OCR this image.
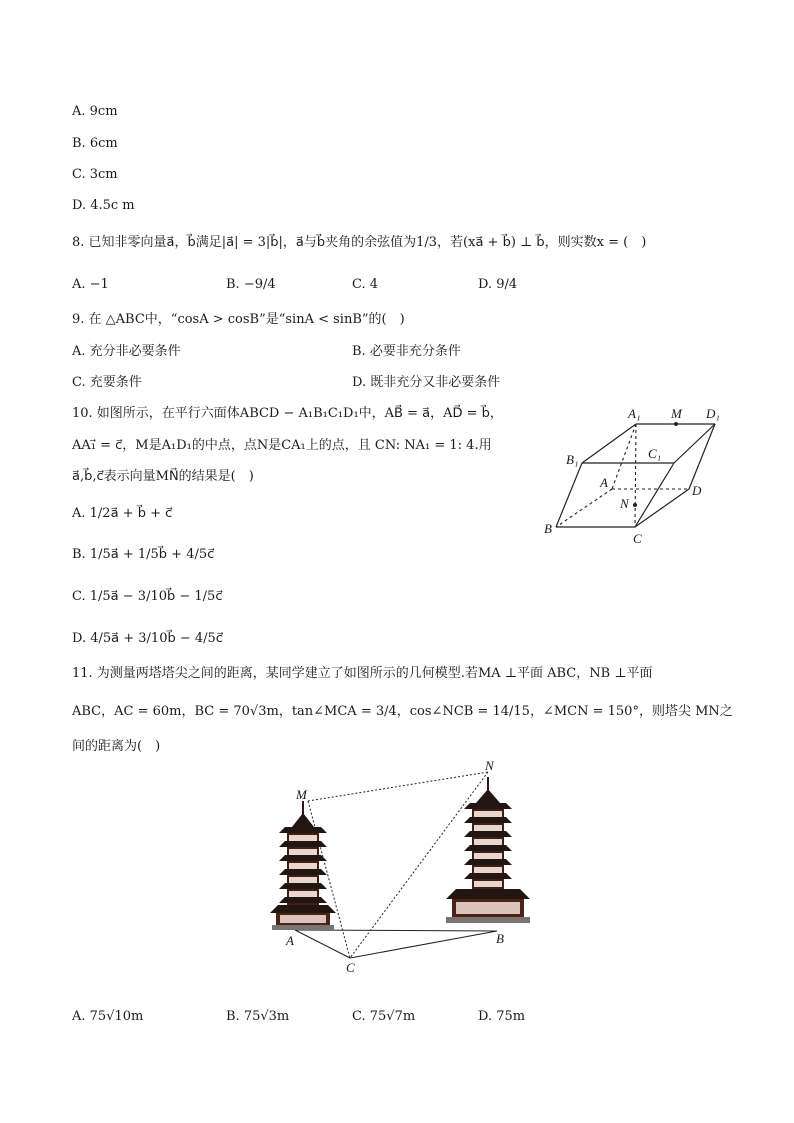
A. 9cm
B. 6cm
C. 3cm
D. 4.5c m
8. 已知非零向量a⃗，b⃗满足|a⃗| = 3|b⃗|，a⃗与b⃗夹角的余弦值为1/3，若(xa⃗ + b⃗) ⊥ b⃗，则实数x = (　)
A. −1	B. −9/4	C. 4	D. 9/4
9. 在 △ABC中，“cosA > cosB”是“sinA < sinB”的(　)
A. 充分非必要条件	B. 必要非充分条件
C. 充要条件	D. 既非充分又非必要条件
10. 如图所示，在平行六面体ABCD − A₁B₁C₁D₁中，AB⃗ = a⃗，AD⃗ = b⃗，
AA₁⃗ = c⃗，M是A₁D₁的中点，点N是CA₁上的点，且 CN: NA₁ = 1: 4.用
a⃗,b⃗,c⃗表示向量MN⃗的结果是(　)
A. 1/2a⃗ + b⃗ + c⃗
B. 1/5a⃗ + 1/5b⃗ + 4/5c⃗
C. 1/5a⃗ − 3/10b⃗ − 1/5c⃗
D. 4/5a⃗ + 3/10b⃗ − 4/5c⃗
A₁ M D₁
B₁	C₁
A
D
N
B
C
11. 为测量两塔塔尖之间的距离，某同学建立了如图所示的几何模型.若MA ⊥平面 ABC，NB ⊥平面
ABC，AC = 60m，BC = 70√3m，tan∠MCA = 3/4，cos∠NCB = 14/15，∠MCN = 150°，则塔尖 MN之
间的距离为(　)
M
N
A	B
C
A. 75√10m	B. 75√3m	C. 75√7m	D. 75m
